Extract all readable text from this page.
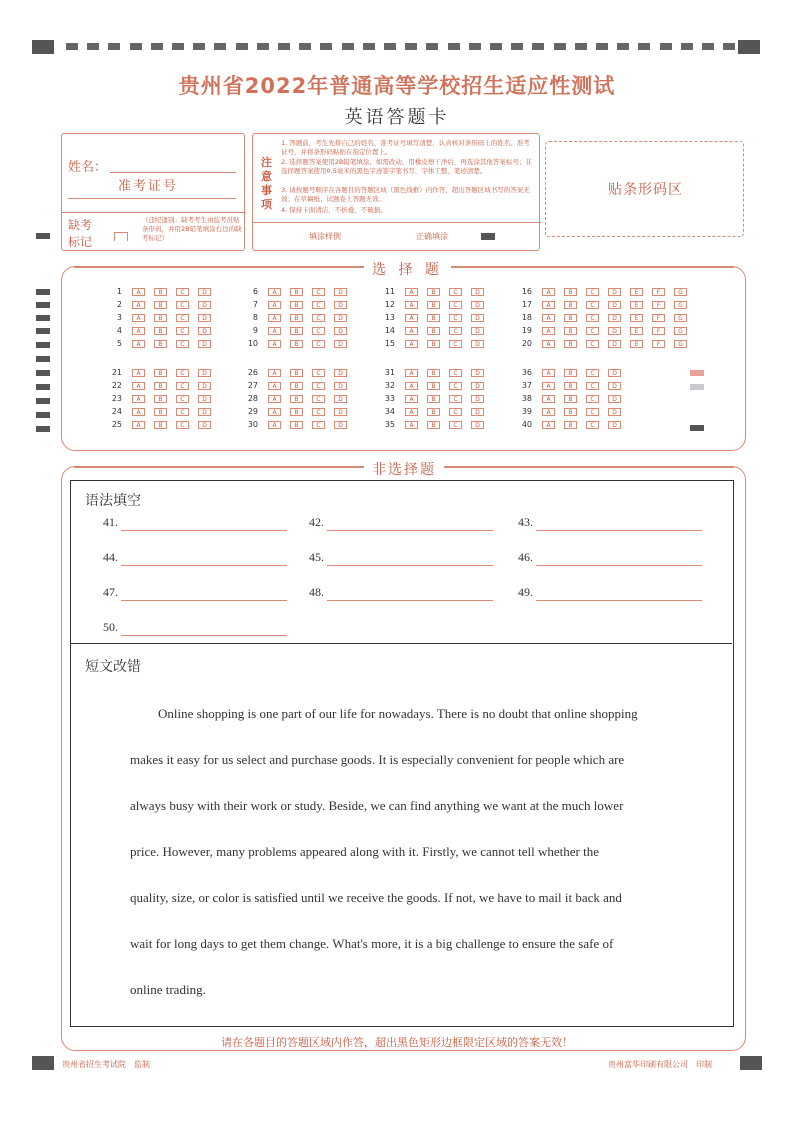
贵州省2022年普通高等学校招生适应性测试
英语答题卡
姓名：
准考证号
缺考
标记
（违纪遗别：缺考考生由监考员贴条形码，并用2B铅笔填涂右边的缺考标记）
注意事项
1. 答题前，考生先将自己的姓名、准考证号填写清楚，认真核对条形码上的姓名、准考证号，并将条形码粘贴在指定位置上。
2. 选择题答案使用2B铅笔填涂，如需改动，用橡皮擦干净后，再选涂其他答案标号；非选择题答案使用0.5毫米的黑色字迹签字笔书写，字体工整、笔迹清楚。
3. 请按题号顺序在各题目的答题区域（黑色线框）内作答，超出答题区域书写的答案无效；在草稿纸、试题卷上答题无效。
4. 保持卡面清洁，不折叠，不破损。
填涂样例	正确填涂
贴条形码区
选 择 题
1	A	B	C	D
2	A	B	C	D
3	A	B	C	D
4	A	B	C	D
5	A	B	C	D
6	A	B	C	D
7	A	B	C	D
8	A	B	C	D
9	A	B	C	D
10	A	B	C	D
11	A	B	C	D
12	A	B	C	D
13	A	B	C	D
14	A	B	C	D
15	A	B	C	D
16	A	B	C	D	E	F	G
17	A	B	C	D	E	F	G
18	A	B	C	D	E	F	G
19	A	B	C	D	E	F	G
20	A	B	C	D	E	F	G
21	A	B	C	D
22	A	B	C	D
23	A	B	C	D
24	A	B	C	D
25	A	B	C	D
26	A	B	C	D
27	A	B	C	D
28	A	B	C	D
29	A	B	C	D
30	A	B	C	D
31	A	B	C	D
32	A	B	C	D
33	A	B	C	D
34	A	B	C	D
35	A	B	C	D
36	A	B	C	D
37	A	B	C	D
38	A	B	C	D
39	A	B	C	D
40	A	B	C	D
非选择题
语法填空
短文改错
41.	42.	43.
44.	45.	46.
47.	48.	49.
50.
Online shopping is one part of our life for nowadays. There is no doubt that online shopping
makes it easy for us select and purchase goods. It is especially convenient for people which are
always busy with their work or study. Beside, we can find anything we want at the much lower
price. However, many problems appeared along with it. Firstly, we cannot tell whether the
quality, size, or color is satisfied until we receive the goods. If not, we have to mail it back and
wait for long days to get them change. What's more, it is a big challenge to ensure the safe of
online trading.
请在各题目的答题区域内作答，超出黑色矩形边框限定区域的答案无效！
贵州省招生考试院　监制	贵州富华印刷有限公司　印制
